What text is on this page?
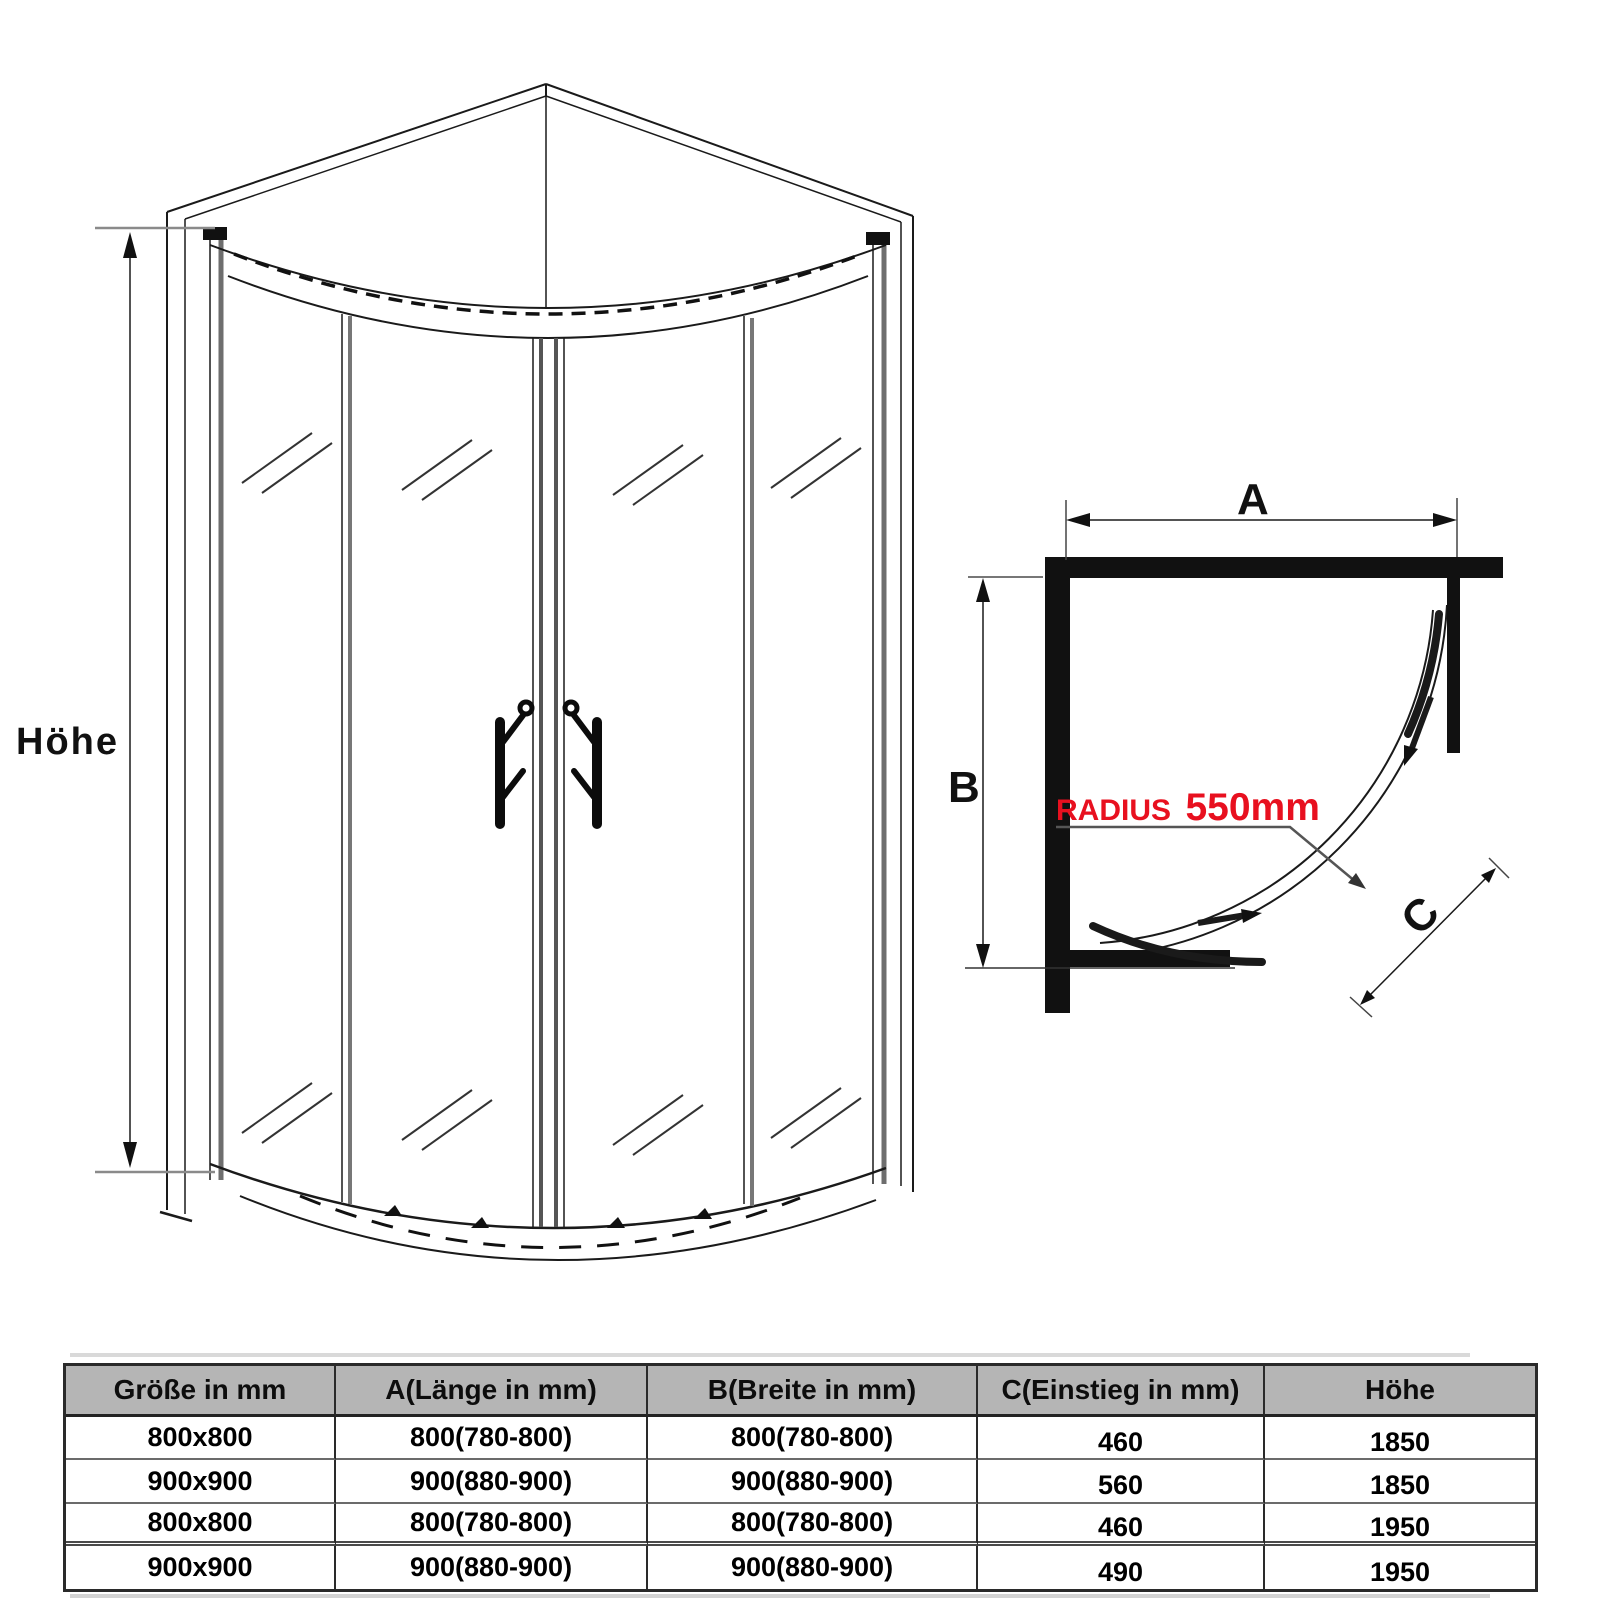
Höhe
A
B
C
RADIUS 550mm
Größe in mm	A(Länge in mm)	B(Breite in mm)	C(Einstieg in mm)	Höhe
800x800	800(780-800)	800(780-800)	460	1850
900x900	900(880-900)	900(880-900)	560	1850
800x800	800(780-800)	800(780-800)	460	1950
900x900	900(880-900)	900(880-900)	490	1950
